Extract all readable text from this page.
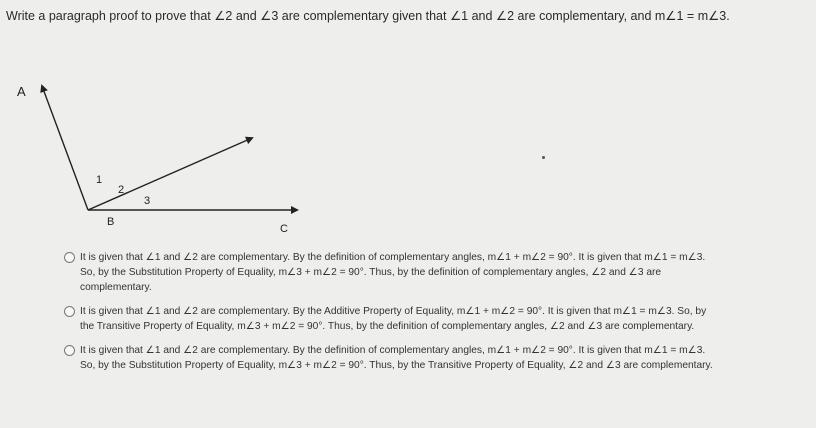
Write a paragraph proof to prove that ∠2 and ∠3 are complementary given that ∠1 and ∠2 are complementary, and m∠1 = m∠3.
A
B
C
1
2
3
It is given that ∠1 and ∠2 are complementary. By the definition of complementary angles, m∠1 + m∠2 = 90°. It is given that m∠1 = m∠3.
So, by the Substitution Property of Equality, m∠3 + m∠2 = 90°. Thus, by the definition of complementary angles, ∠2 and ∠3 are
complementary.
It is given that ∠1 and ∠2 are complementary. By the Additive Property of Equality, m∠1 + m∠2 = 90°. It is given that m∠1 = m∠3. So, by
the Transitive Property of Equality, m∠3 + m∠2 = 90°. Thus, by the definition of complementary angles, ∠2 and ∠3 are complementary.
It is given that ∠1 and ∠2 are complementary. By the definition of complementary angles, m∠1 + m∠2 = 90°. It is given that m∠1 = m∠3.
So, by the Substitution Property of Equality, m∠3 + m∠2 = 90°. Thus, by the Transitive Property of Equality, ∠2 and ∠3 are complementary.
